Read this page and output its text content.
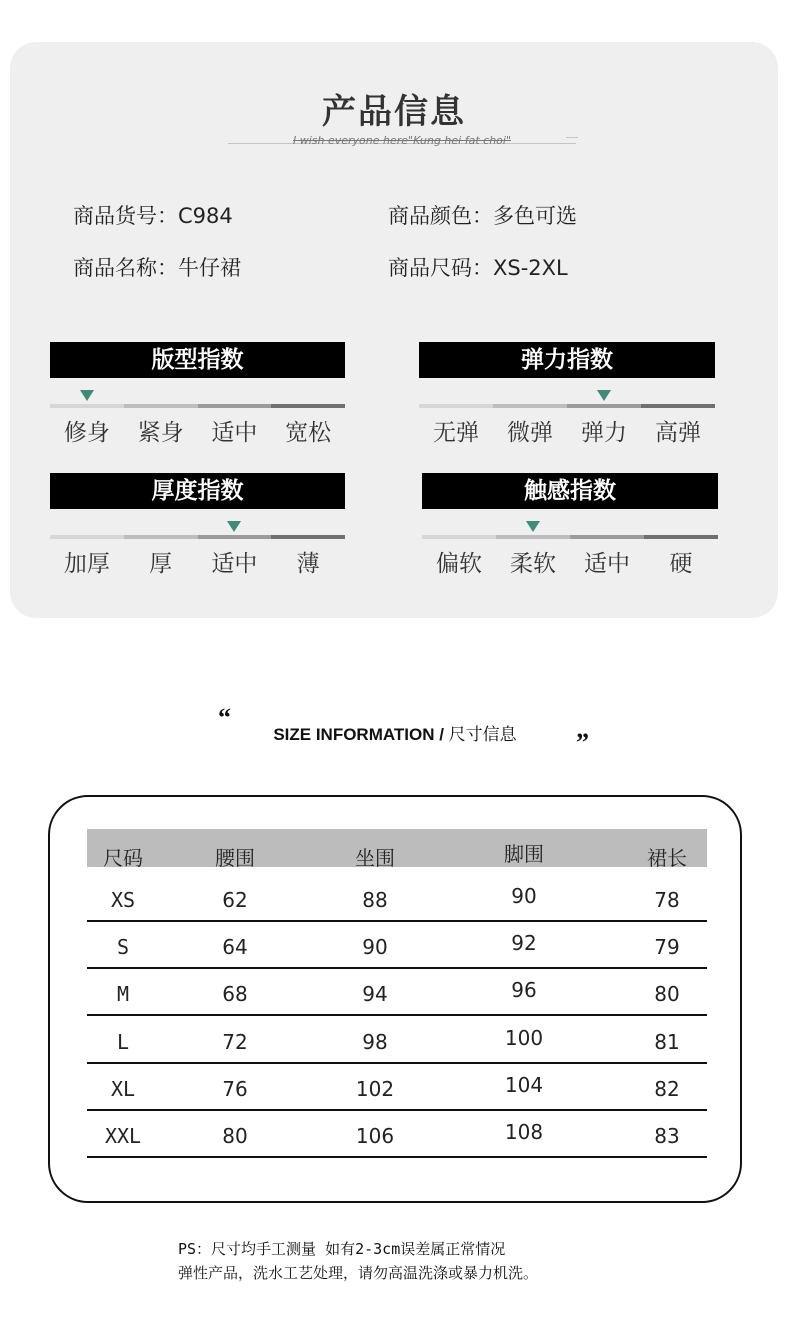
产品信息
I wish everyone here"Kung hei fat choi"
商品货号：C984	商品颜色：多色可选
商品名称：牛仔裙	商品尺码：XS-2XL
版型指数
修身	紧身	适中	宽松
弹力指数
无弹	微弹	弹力	高弹
厚度指数
加厚	厚	适中	薄
触感指数
偏软	柔软	适中	硬
“
SIZE INFORMATION / 尺寸信息	”
尺码	腰围	坐围	脚围	裙长
XS	62	88	90	78
S	64	90	92	79
M	68	94	96	80
L	72	98	100	81
XL	76	102	104	82
XXL	80	106	108	83
PS：尺寸均手工测量 如有2-3cm误差属正常情况
弹性产品，洗水工艺处理，请勿高温洗涤或暴力机洗。
